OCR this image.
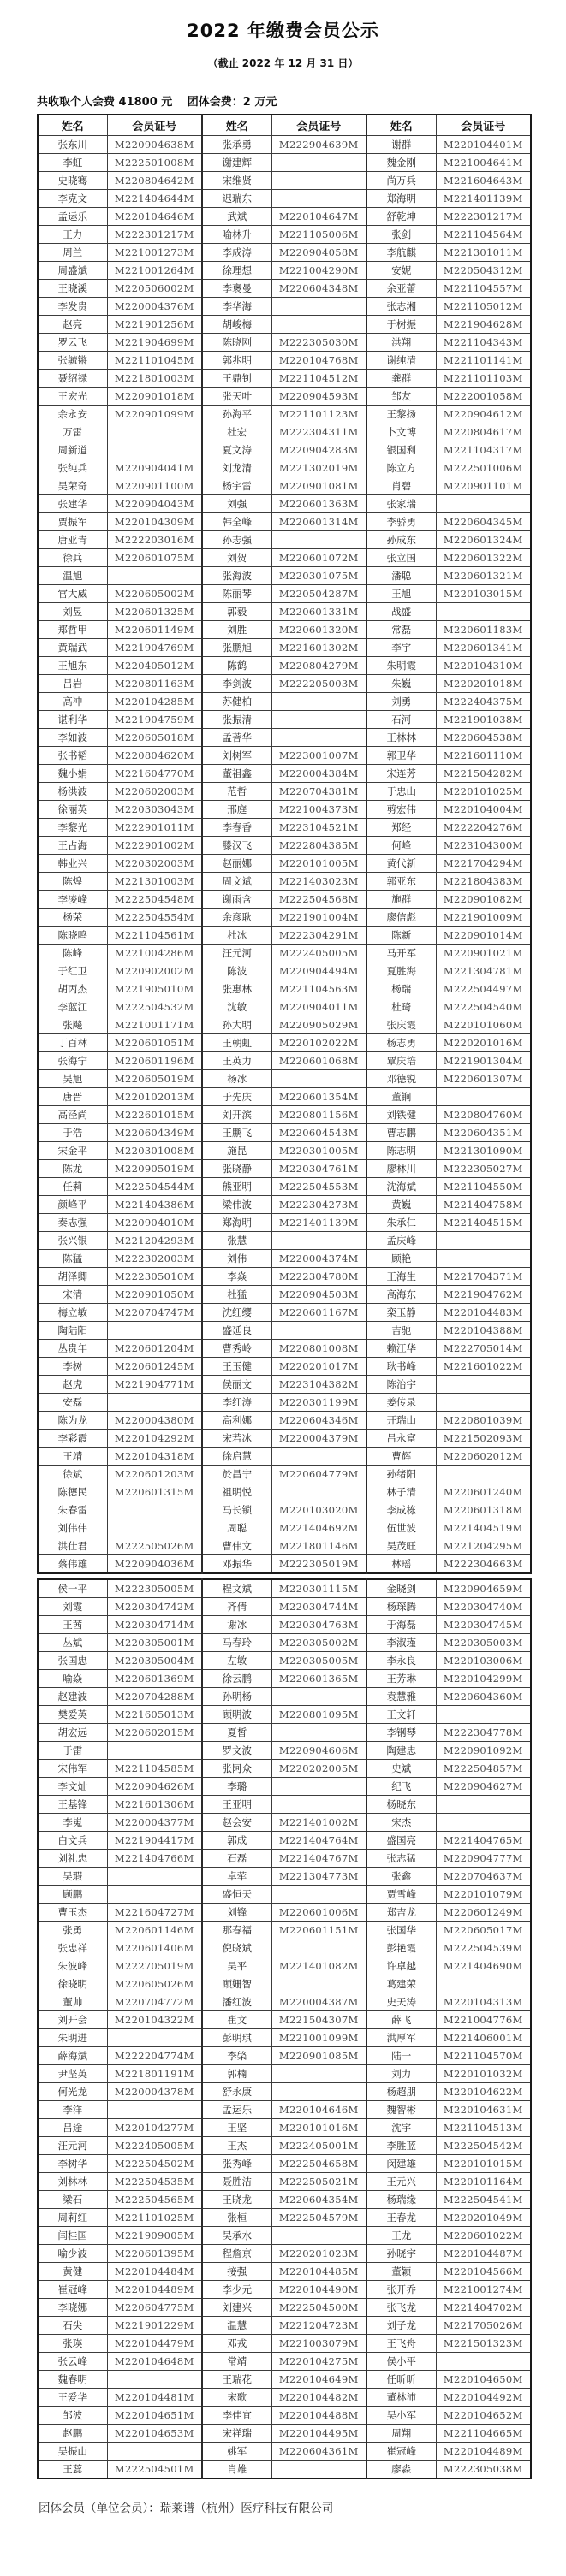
2022 年缴费会员公示
（截止 2022 年 12 月 31 日）
共收取个人会费 41800 元　 团体会费：2 万元
姓名	会员证号	姓名	会员证号	姓名	会员证号
张东川	M220904638M	张承勇	M222904639M	谢群	M220104401M
李虹	M222501008M	谢建辉		魏金刚	M221004641M
史晓骞	M220804642M	宋维贤		尚万兵	M221604643M
李克文	M221404644M	迟瑞东		郑海明	M221401139M
孟运乐	M220104646M	武斌	M220104647M	舒乾坤	M222301217M
王力	M222301217M	喻林升	M221105006M	张剑	M221104564M
周兰	M221001273M	李成涛	M220904058M	李航麒	M221301011M
周盛斌	M221001264M	徐理想	M221004290M	安妮	M220504312M
王晓溪	M220506002M	李褒曼	M220604348M	余亚蕾	M221104557M
李发贵	M220004376M	李华海		张志湘	M221105012M
赵亮	M221901256M	胡峻梅		于树振	M221904628M
罗云飞	M221904699M	陈晓刚	M222305030M	洪翔	M221104343M
张毓锵	M221101045M	郭兆明	M220104768M	谢纯清	M221101141M
聂绍禄	M221801003M	王鼎钊	M221104512M	龚群	M221101103M
王宏光	M220901018M	张天叶	M220904593M	邹友	M222001058M
余永安	M220901099M	孙海平	M221101123M	王黎扬	M220904612M
万雷		杜宏	M222304311M	卜文博	M220804617M
周新道		夏文涛	M220904283M	银国利	M221104317M
张纯兵	M220904041M	刘龙清	M221302019M	陈立方	M222501006M
吴荣奇	M220901100M	杨宇雷	M220901081M	肖碧	M220901101M
张建华	M220904043M	刘强	M220601363M	张家瑞	
贾振军	M220104309M	韩全峰	M220601314M	李骄勇	M220604345M
唐亚青	M222203016M	孙志强		孙成东	M220601324M
徐兵	M220601075M	刘贺	M220601072M	张立国	M220601322M
温旭		张海波	M220301075M	潘聪	M220601321M
官大威	M220605002M	陈丽琴	M220504287M	王旭	M220103015M
刘昱	M220601325M	郭毅	M220601331M	战盛	
郑哲甲	M220601149M	刘胜	M220601320M	常磊	M220601183M
黄瑞武	M221904769M	张鹏旭	M221601302M	李宇	M220601341M
王旭东	M220405012M	陈鹤	M220804279M	朱明霞	M220104310M
吕岩	M220801163M	李剑波	M222205003M	朱巍	M220201018M
高冲	M220104285M	苏健柏		刘勇	M222404375M
谌利华	M221904759M	张振清		石河	M221901038M
李如波	M220605018M	孟菩华		王林林	M220604538M
张书韬	M220804620M	刘树军	M223001007M	郭卫华	M221601110M
魏小娟	M221604770M	董祖鑫	M220004384M	宋连芳	M221504282M
杨洪波	M220602003M	范哲	M220704381M	于忠山	M220101025M
徐丽英	M220303043M	邢庭	M221004373M	剪宏伟	M220104004M
李黎光	M222901011M	李春香	M223104521M	郑经	M222204276M
王占海	M222901002M	滕汉飞	M222804385M	何峰	M223104300M
韩业兴	M220302003M	赵丽娜	M220101005M	黄代新	M221704294M
陈煌	M221301003M	周文斌	M221403023M	郭亚东	M221804383M
李凌峰	M222504548M	谢雨含	M222504568M	施群	M220901082M
杨荣	M222504554M	余彦耿	M221901004M	廖信彪	M221901009M
陈晓鸣	M221104561M	杜冰	M222304291M	陈新	M220901014M
陈峰	M221004286M	汪元河	M222405005M	马开军	M220901021M
于红卫	M220902002M	陈波	M220904494M	夏胜海	M221304781M
胡丙杰	M221905010M	张惠林	M221104563M	杨瑞	M222504497M
李蓝江	M222504532M	沈敏	M220904011M	杜琦	M222504540M
张飚	M221001171M	孙大明	M220905029M	张庆霞	M220101060M
丁百林	M220601051M	王朝虹	M220102022M	杨志勇	M220201016M
张海宁	M220601196M	王英力	M220601068M	覃庆培	M221901304M
吴旭	M220605019M	杨冰		邓德锐	M220601307M
唐晋	M220102013M	于先庆	M220601354M	董锏	
高泾尚	M222601015M	刘开滨	M220801156M	刘铁健	M220804760M
于浩	M220604349M	王鹏飞	M220604543M	曹志鹏	M220604351M
宋金平	M220301008M	施昆	M220301005M	陈志明	M221301090M
陈龙	M220905019M	张晓静	M220304761M	廖林川	M222305027M
任莉	M222504544M	熊亚明	M222504553M	沈海斌	M221104550M
颜峰平	M221404386M	梁伟波	M222304273M	黄巍	M221404758M
秦志强	M220904010M	郑海明	M221401139M	朱承仁	M221404515M
张兴银	M221204293M	张慧		孟庆峰	
陈猛	M222302003M	刘伟	M220004374M	顾艳	
胡泽卿	M222305010M	李焱	M222304780M	王海生	M221704371M
宋清	M220901050M	杜猛	M220904503M	高海东	M221904762M
梅立敏	M220704747M	沈红缨	M220601167M	栾玉静	M220104483M
陶陆阳		盛延良		吉驰	M220104388M
丛贵年	M220601204M	曹秀岭	M220801008M	赖江华	M222705014M
李树	M220601245M	王玉健	M220201017M	耿书峰	M221601022M
赵虎	M221904771M	侯丽文	M223104382M	陈治宇	
安磊		李红涛	M220301199M	姜传录	
陈为龙	M220004380M	高利娜	M220604346M	开瑞山	M220801039M
李彩霞	M220104292M	宋若冰	M220004379M	吕永富	M221502093M
王靖	M220104318M	徐启慧		曹辉	M220602012M
徐斌	M220601203M	於昌宁	M220604779M	孙绪阳	
陈德民	M220601315M	祖明悦		林子清	M220601240M
朱春雷		马长锁	M220103020M	李成栋	M220601318M
刘伟伟		周聪	M221404692M	伍世波	M221404519M
洪仕君	M222505026M	曹伟文	M221801146M	吴茂旺	M221204295M
蔡伟雄	M220904036M	邓振华	M222305019M	林瑶	M222304663M
侯一平	M222305005M	程文斌	M220301115M	金晓剑	M220904659M
刘霞	M220304742M	齐倩	M220304744M	杨琛腾	M220304740M
王茜	M220304714M	谢冰	M220304763M	于海磊	M220304745M
丛斌	M220305001M	马春玲	M220305002M	李淑瑾	M220305003M
张国忠	M220305004M	左敏	M220305005M	李永良	M220103006M
喻焱	M220601369M	徐云鹏	M220601365M	王芳琳	M220104299M
赵建波	M220704288M	孙明杨		袁慧雅	M220604360M
樊爱英	M221605013M	顾明波	M220801095M	王文轩	
胡宏远	M220602015M	夏皙		李钢琴	M222304778M
于雷		罗文波	M220904606M	陶建忠	M220901092M
宋伟军	M221104585M	张阿众	M220202005M	史斌	M222504857M
李文灿	M220904626M	李璐		纪飞	M220904627M
王基锋	M221601306M	王亚明		杨晓东	
李嵬	M220004377M	赵会安	M221401002M	宋杰	
白文兵	M221904417M	郭成	M221404764M	盛国亮	M221404765M
刘礼忠	M221404766M	石磊	M221404767M	张志猛	M220904777M
吴瑕		卓荦	M221304773M	张鑫	M220704637M
顾鹏		盛恒天		贾雪峰	M220101079M
曹玉杰	M221604727M	刘锋	M220601006M	郑吉龙	M220601249M
张勇	M220601146M	那春福	M220601151M	张国华	M220605017M
张忠祥	M220601406M	倪晓斌		彭艳霞	M222504539M
朱波峰	M222705019M	吴平	M221401082M	许卓越	M221404690M
徐晓明	M220605026M	顾姗智		葛建荣	
董帅	M220704772M	潘红波	M220004387M	史天涛	M220104313M
刘开会	M220104322M	崔文	M221504307M	薛飞	M221004776M
朱明进		彭明琪	M221001099M	洪厚军	M221406001M
薛海斌	M222204774M	李棨	M220901085M	陆一	M221104570M
尹坚英	M221801191M	郭楠		刘力	M220101032M
何光龙	M220004378M	舒永康		杨超朋	M220104622M
李洋		孟运乐	M220104646M	魏智彬	M220104631M
吕途	M220104277M	王坚	M220101016M	沈宇	M221104513M
汪元河	M222405005M	王杰	M222405001M	李胜蓝	M222504542M
李树华	M222504502M	张秀峰	M222504658M	闵建雄	M220101015M
刘林林	M222504535M	聂胜洁	M222505021M	王元兴	M220101164M
梁石	M222504565M	王晓龙	M220604354M	杨瑞缘	M222504541M
周莉红	M221101025M	张桓	M222504579M	王春龙	M220201049M
闫桂国	M221909005M	吴承水		王龙	M220601022M
喻少波	M220601395M	程詹京	M220201023M	孙晓宇	M220104487M
黄健	M220104484M	接强	M220104485M	董颖	M220104566M
崔冠峰	M220104489M	李少元	M220104490M	张开乔	M221001274M
李晓娜	M220604775M	刘建兴	M222504500M	张飞龙	M221404702M
石尖	M221901229M	温慧	M221204723M	刘子龙	M221705026M
张瑛	M220104479M	邓戎	M221003079M	王飞舟	M221501323M
张云峰	M220104648M	常靖	M220104275M	侯小平	
魏春明		王瑞花	M220104649M	任昕昕	M220104650M
王爱华	M220104481M	宋歌	M220104482M	董林沛	M220104492M
邹波	M220104651M	李佳宜	M220104488M	吴小军	M220104652M
赵鹏	M220104653M	宋祥瑞	M220104495M	周翔	M221104665M
吴振山		姚军	M220604361M	崔冠峰	M220104489M
王蕊	M222504501M	肖雄		廖淼	M222305038M
团体会员（单位会员）：瑞莱谱（杭州）医疗科技有限公司
